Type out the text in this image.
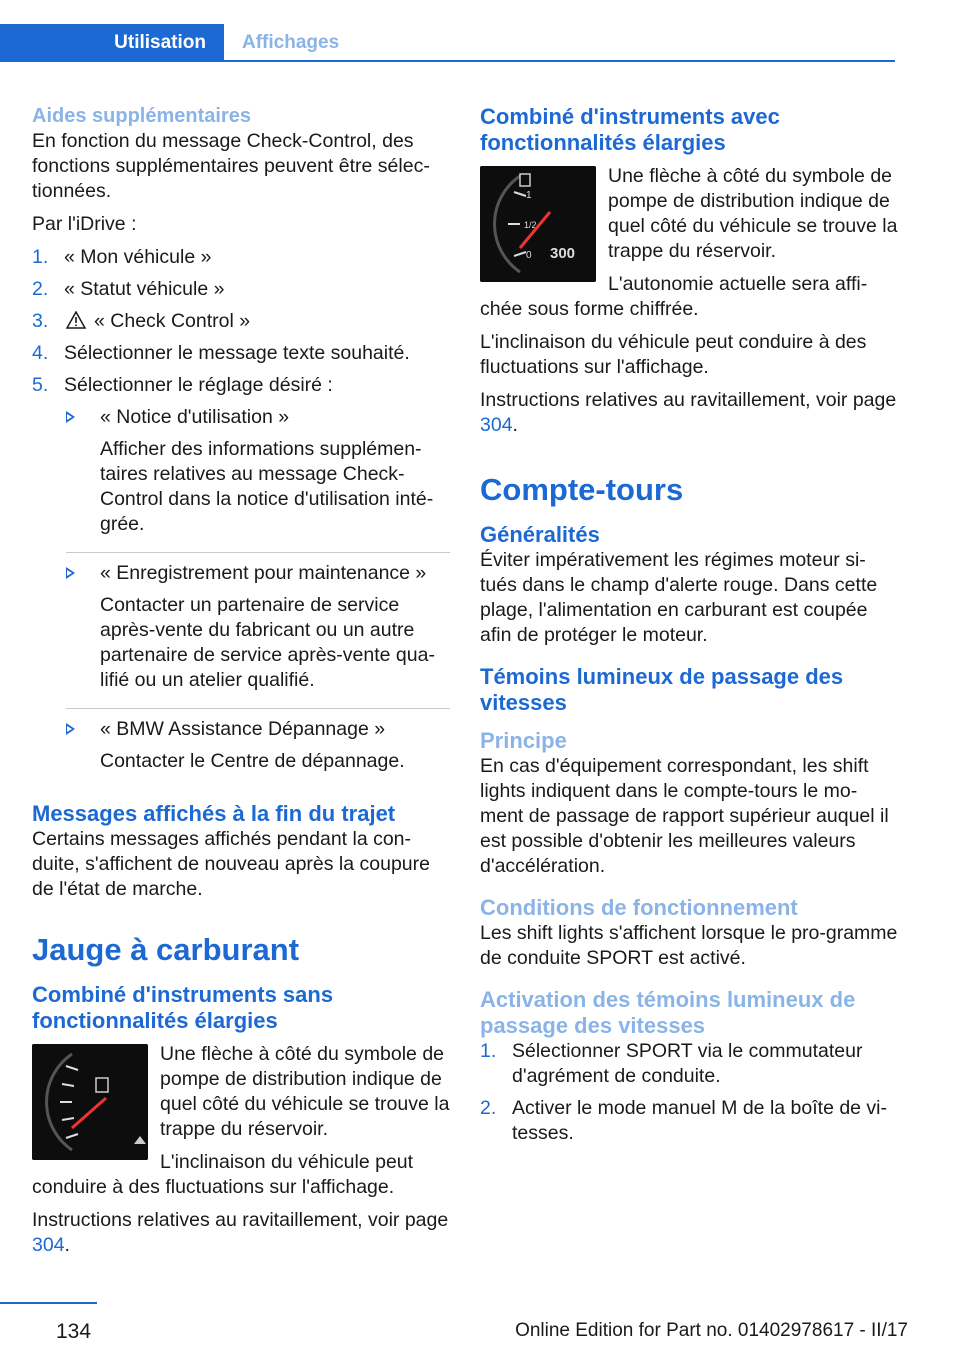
Utilisation	Affichages
Aides supplémentaires

En fonction du message Check-Control, des fonctions supplémentaires peuvent être sélec-tionnées.

Par l'iDrive :

1. « Mon véhicule »
2. « Statut véhicule »
3. « Check Control »
4. Sélectionner le message texte souhaité.
5. Sélectionner le réglage désiré :

« Notice d'utilisation »

Afficher des informations supplémen-taires relatives au message Check-Control dans la notice d'utilisation inté-grée.

« Enregistrement pour maintenance »

Contacter un partenaire de service après-vente du fabricant ou un autre partenaire de service après-vente qua-lifié ou un atelier qualifié.

« BMW Assistance Dépannage »

Contacter le Centre de dépannage.

Messages affichés à la fin du trajet

Certains messages affichés pendant la con-duite, s'affichent de nouveau après la coupure de l'état de marche.

Jauge à carburant
Combiné d'instruments sans fonctionnalités élargies

Une flèche à côté du symbole de pompe de distribution indique de quel côté du véhicule se trouve la trappe du réservoir.

L'inclinaison du véhicule peut conduire à des fluctuations sur l'affichage.

Instructions relatives au ravitaillement, voir page 304.

Combiné d'instruments avec fonctionnalités élargies
1
1/2
0 300

Une flèche à côté du symbole de pompe de distribution indique de quel côté du véhicule se trouve la trappe du réservoir.

L'autonomie actuelle sera affi-chée sous forme chiffrée.

L'inclinaison du véhicule peut conduire à des fluctuations sur l'affichage.

Instructions relatives au ravitaillement, voir page 304.

Compte-tours
Généralités

Éviter impérativement les régimes moteur si-tués dans le champ d'alerte rouge. Dans cette plage, l'alimentation en carburant est coupée afin de protéger le moteur.

Témoins lumineux de passage des vitesses
Principe

En cas d'équipement correspondant, les shift lights indiquent dans le compte-tours le mo-ment de passage de rapport supérieur auquel il est possible d'obtenir les meilleures valeurs d'accélération.

Conditions de fonctionnement

Les shift lights s'affichent lorsque le pro-gramme de conduite SPORT est activé.

Activation des témoins lumineux de passage des vitesses
1. Sélectionner SPORT via le commutateur d'agrément de conduite.
2. Activer le mode manuel M de la boîte de vi-tesses.
134	Online Edition for Part no. 01402978617 - II/17
